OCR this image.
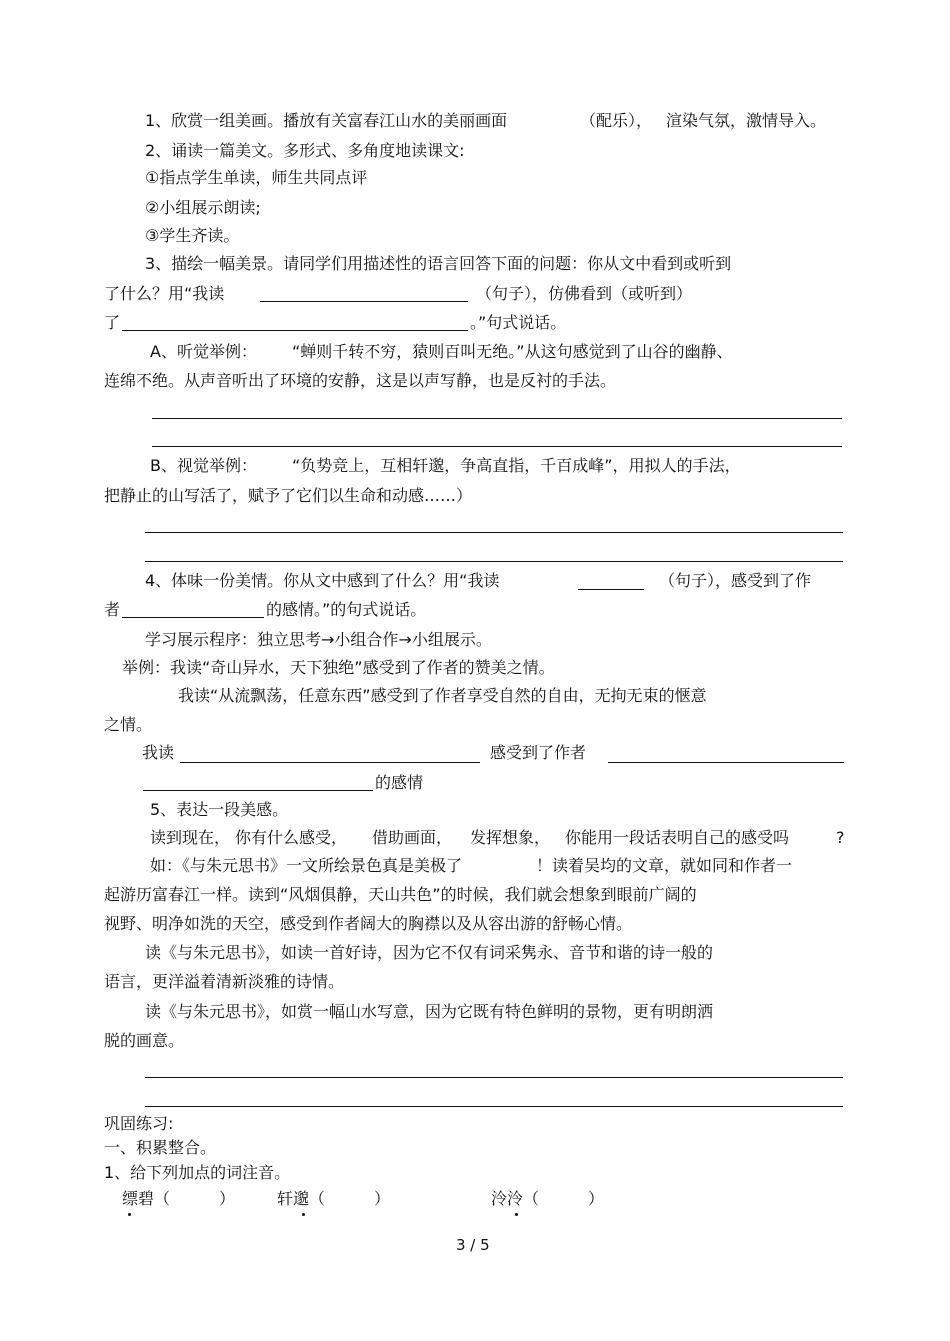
1、欣赏一组美画。播放有关富春江山水的美丽画面	（配乐）， 渲染气氛，激情导入。
2、诵读一篇美文。多形式、多角度地读课文:
①指点学生单读，师生共同点评
②小组展示朗读;
③学生齐读。
3、描绘一幅美景。请同学们用描述性的语言回答下面的问题：你从文中看到或听到
了什么？用“我读	（句子），仿佛看到（或听到）
了	。”句式说话。
A、听觉举例： “蝉则千转不穷，猿则百叫无绝。”从这句感觉到了山谷的幽静、
连绵不绝。从声音听出了环境的安静，这是以声写静，也是反衬的手法。
B、视觉举例： “负势竞上，互相轩邈，争高直指，千百成峰”，用拟人的手法，
把静止的山写活了，赋予了它们以生命和动感……）
4、体味一份美情。你从文中感到了什么？用“我读	（句子），感受到了作
者	的感情。”的句式说话。
学习展示程序：独立思考→小组合作→小组展示。
举例：我读“奇山异水，天下独绝”感受到了作者的赞美之情。
我读“从流飘荡，任意东西”感受到了作者享受自然的自由，无拘无束的惬意
之情。
我读	感受到了作者
的感情
5、表达一段美感。
读到现在， 你有什么感受， 借助画面， 发挥想象， 你能用一段话表明自己的感受吗	?
如：《与朱元思书》一文所绘景色真是美极了	！读着吴均的文章，就如同和作者一
起游历富春江一样。读到“风烟俱静，天山共色”的时候，我们就会想象到眼前广阔的
视野、明净如洗的天空，感受到作者阔大的胸襟以及从容出游的舒畅心情。
读《与朱元思书》，如读一首好诗，因为它不仅有词采隽永、音节和谐的诗一般的
语言，更洋溢着清新淡雅的诗情。
读《与朱元思书》，如赏一幅山水写意，因为它既有特色鲜明的景物，更有明朗洒
脱的画意。
巩固练习:
一、积累整合。
1、给下列加点的词注音。
缥碧（	）	轩邈（	）	泠泠（	）
3 / 5
